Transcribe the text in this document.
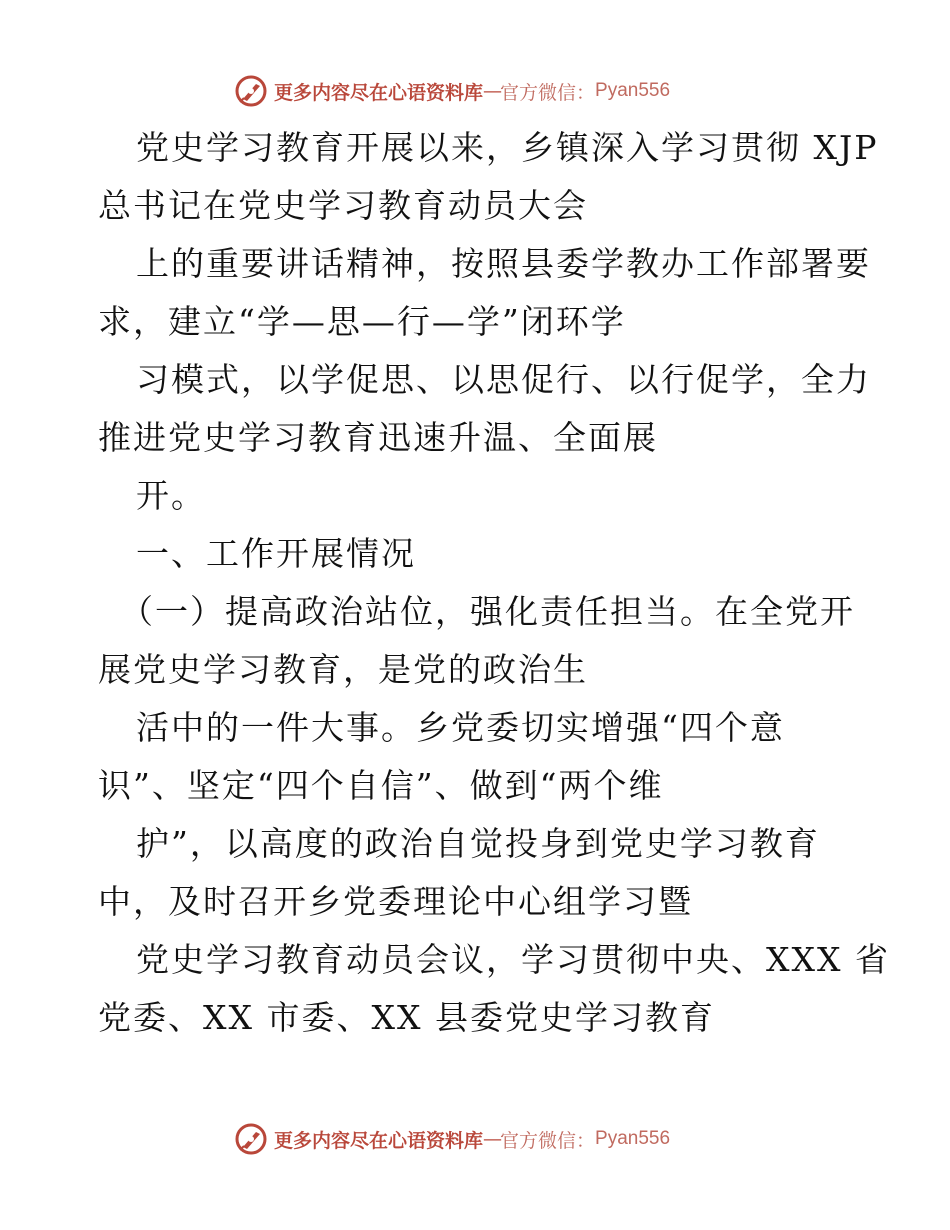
更多内容尽在心语资料库 — 官方微信： Pyan556
党史学习教育开展以来，乡镇深入学习贯彻 XJP
总书记在党史学习教育动员大会
上的重要讲话精神，按照县委学教办工作部署要
求，建立“学—思—行—学”闭环学
习模式，以学促思、以思促行、以行促学，全力
推进党史学习教育迅速升温、全面展
开。
一、工作开展情况
（一）提高政治站位，强化责任担当。在全党开
展党史学习教育，是党的政治生
活中的一件大事。乡党委切实增强“四个意
识”、坚定“四个自信”、做到“两个维
护”，以高度的政治自觉投身到党史学习教育
中，及时召开乡党委理论中心组学习暨
党史学习教育动员会议，学习贯彻中央、XXX 省
党委、XX 市委、XX 县委党史学习教育
更多内容尽在心语资料库 — 官方微信： Pyan556
